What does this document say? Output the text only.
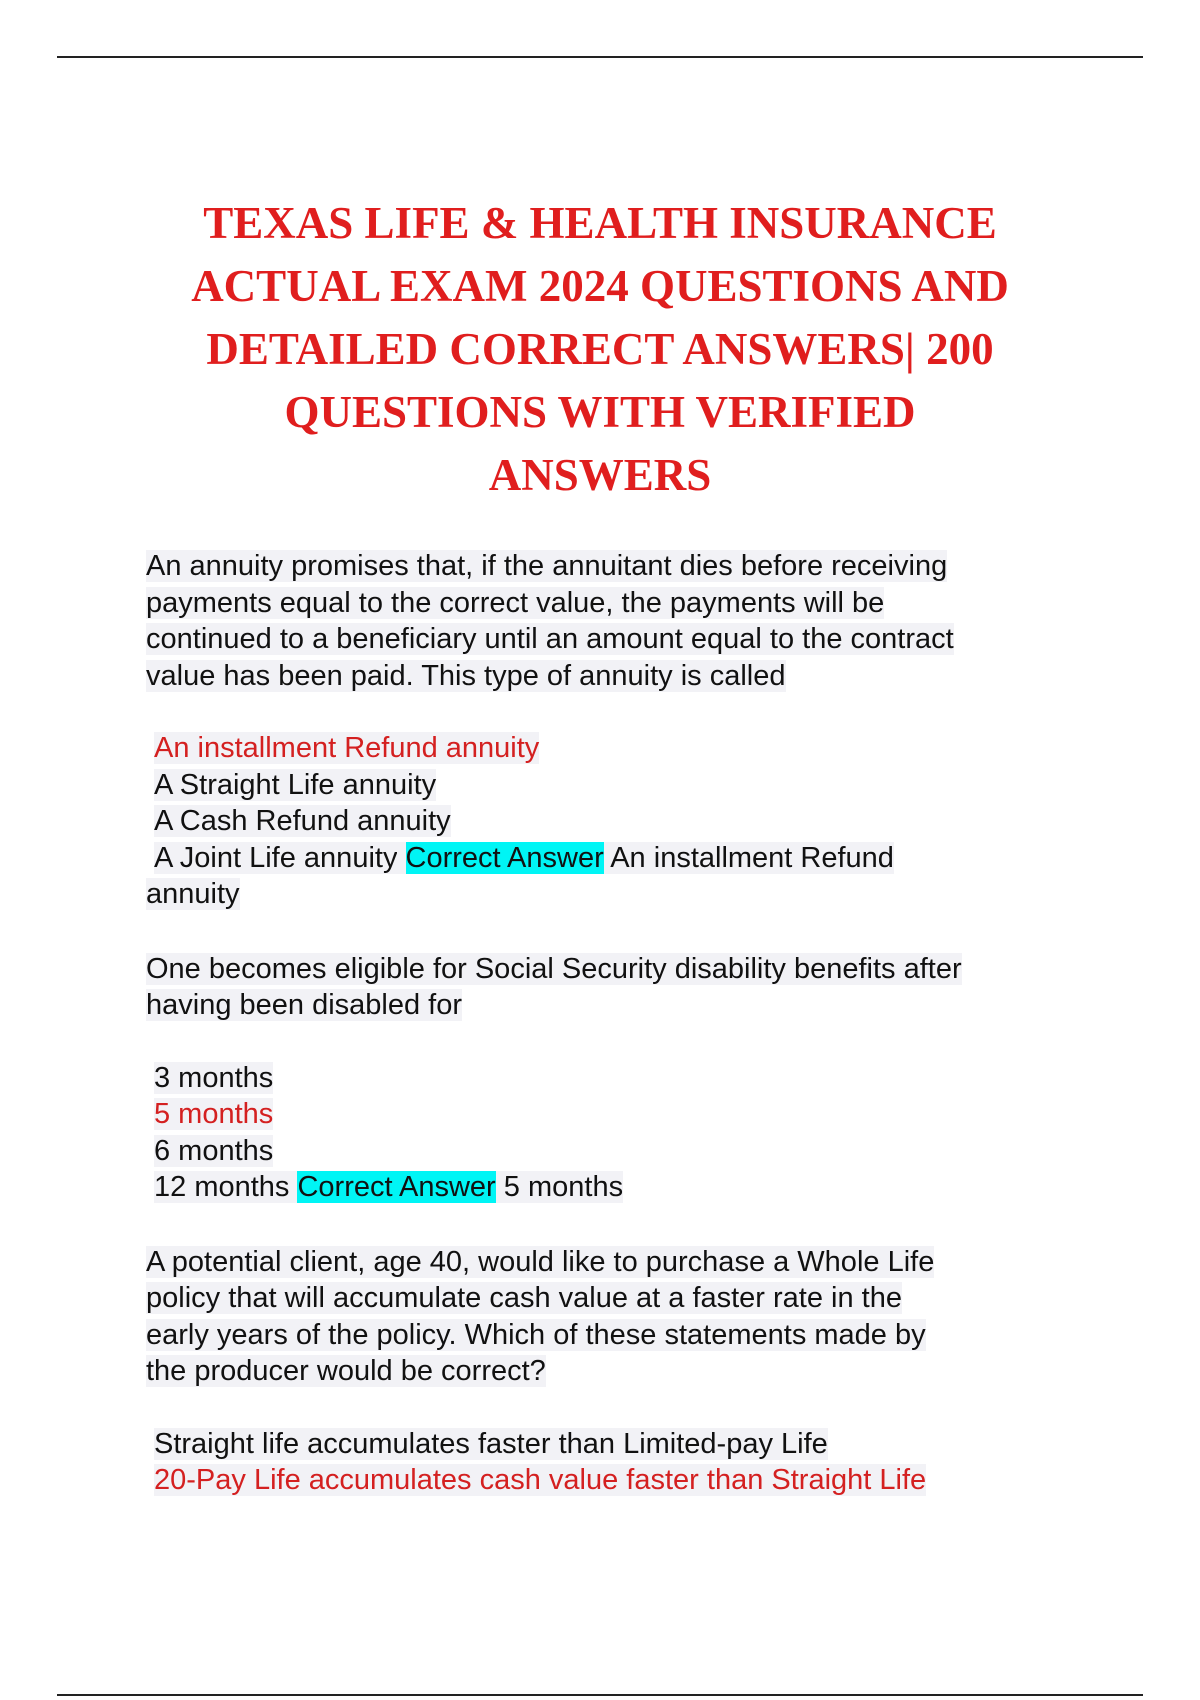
TEXAS LIFE & HEALTH INSURANCE
ACTUAL EXAM 2024 QUESTIONS AND
DETAILED CORRECT ANSWERS| 200
QUESTIONS WITH VERIFIED
ANSWERS

An annuity promises that, if the annuitant dies before receiving
payments equal to the correct value, the payments will be
continued to a beneficiary until an amount equal to the contract
value has been paid. This type of annuity is called

An installment Refund annuity
A Straight Life annuity
A Cash Refund annuity
A Joint Life annuity Correct Answer An installment Refund
annuity

One becomes eligible for Social Security disability benefits after
having been disabled for

3 months
5 months
6 months
12 months Correct Answer 5 months

A potential client, age 40, would like to purchase a Whole Life
policy that will accumulate cash value at a faster rate in the
early years of the policy. Which of these statements made by
the producer would be correct?

Straight life accumulates faster than Limited-pay Life
20-Pay Life accumulates cash value faster than Straight Life
